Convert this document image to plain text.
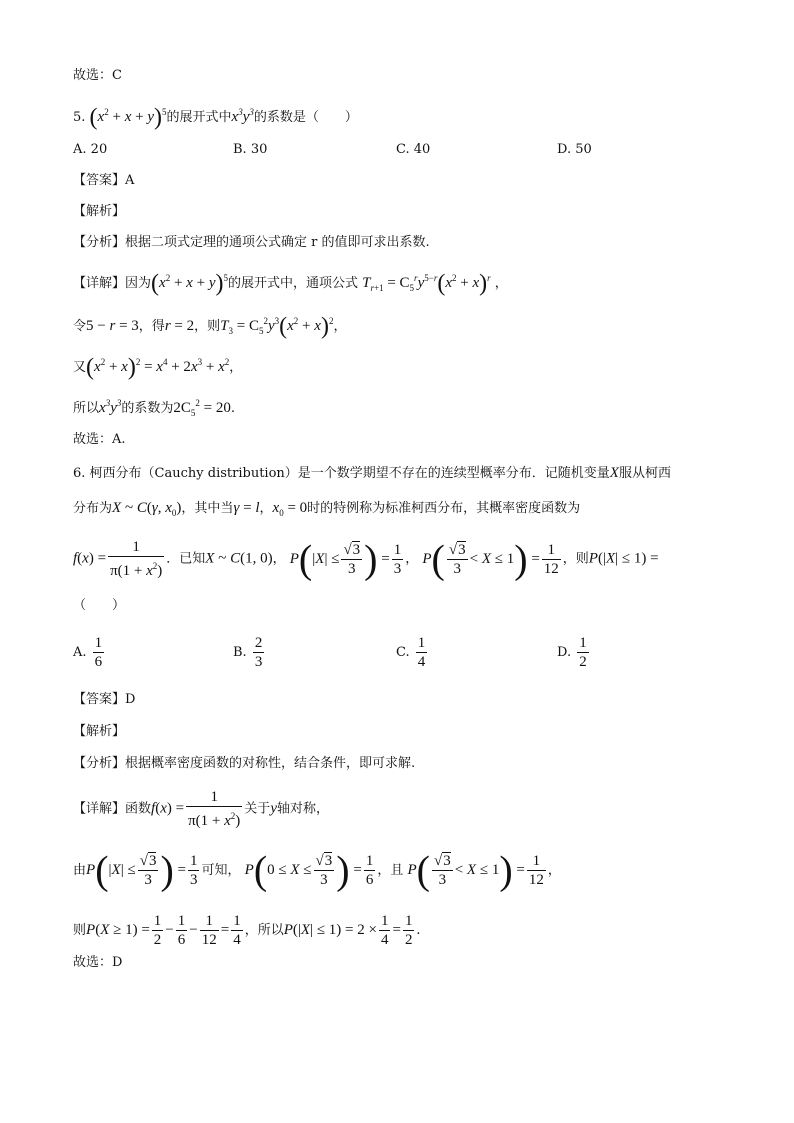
故选：C
5. $(x^2 + x + y)^5$的展开式中$x^3y^3$的系数是（　　）
A. 20	B. 30	C. 40	D. 50
【答案】A
【解析】
【分析】根据二项式定理的通项公式确定 r 的值即可求出系数.
【详解】因为$(x^2 + x + y)^5$的展开式中，通项公式 $T_{r+1} = C_5^ry^{5-r}(x^2 + x)^r$ ，
令5 − r = 3，得r = 2，则$T_3 = C_5^2y^3(x^2 + x)^2$，
又$(x^2 + x)^2 = x^4 + 2x^3 + x^2$，
所以$x^3y^3$的系数为$2C_5^2 = 20$.
故选：A.
6. 柯西分布（Cauchy distribution）是一个数学期望不存在的连续型概率分布．记随机变量X服从柯西
分布为X ~ C(γ, $x_0$)，其中当γ = l，$x_0 = 0$时的特例称为标准柯西分布，其概率密度函数为
$f(x) = \frac{1}{\pi(1 + x^2)}$ ．已知X ~ C(1, 0)， $P(|X| \le \frac{√3}{3}$ ) = $\frac{1}{3}$ ， $P( \frac{√3}{3} < X \le 1) = \frac{1}{12}$ ，则P(|X| ≤ 1) =
（　　）
A. $\frac{1}{6}$	B. $\frac{2}{3}$	C. $\frac{1}{4}$	D. $\frac{1}{2}$
【答案】D
【解析】
【分析】根据概率密度函数的对称性，结合条件，即可求解.
【详解】函数$f(x) = \frac{1}{\pi(1 + x^2)}$ 关于y轴对称，
由$P(|X| \le \frac{√3}{3}$ ) = $\frac{1}{3}$ 可知， $P(0 \le X \le \frac{√3}{3}$ ) = $\frac{1}{6}$ ，且 $P( \frac{√3}{3} < X \le 1) = \frac{1}{12}$ ，
则$P(X \ge 1) = \frac{1}{2} - \frac{1}{6} - \frac{1}{12} = \frac{1}{4}$ ，所以$P(|X| \le 1) = 2 \times \frac{1}{4} = \frac{1}{2}$ .
故选：D
